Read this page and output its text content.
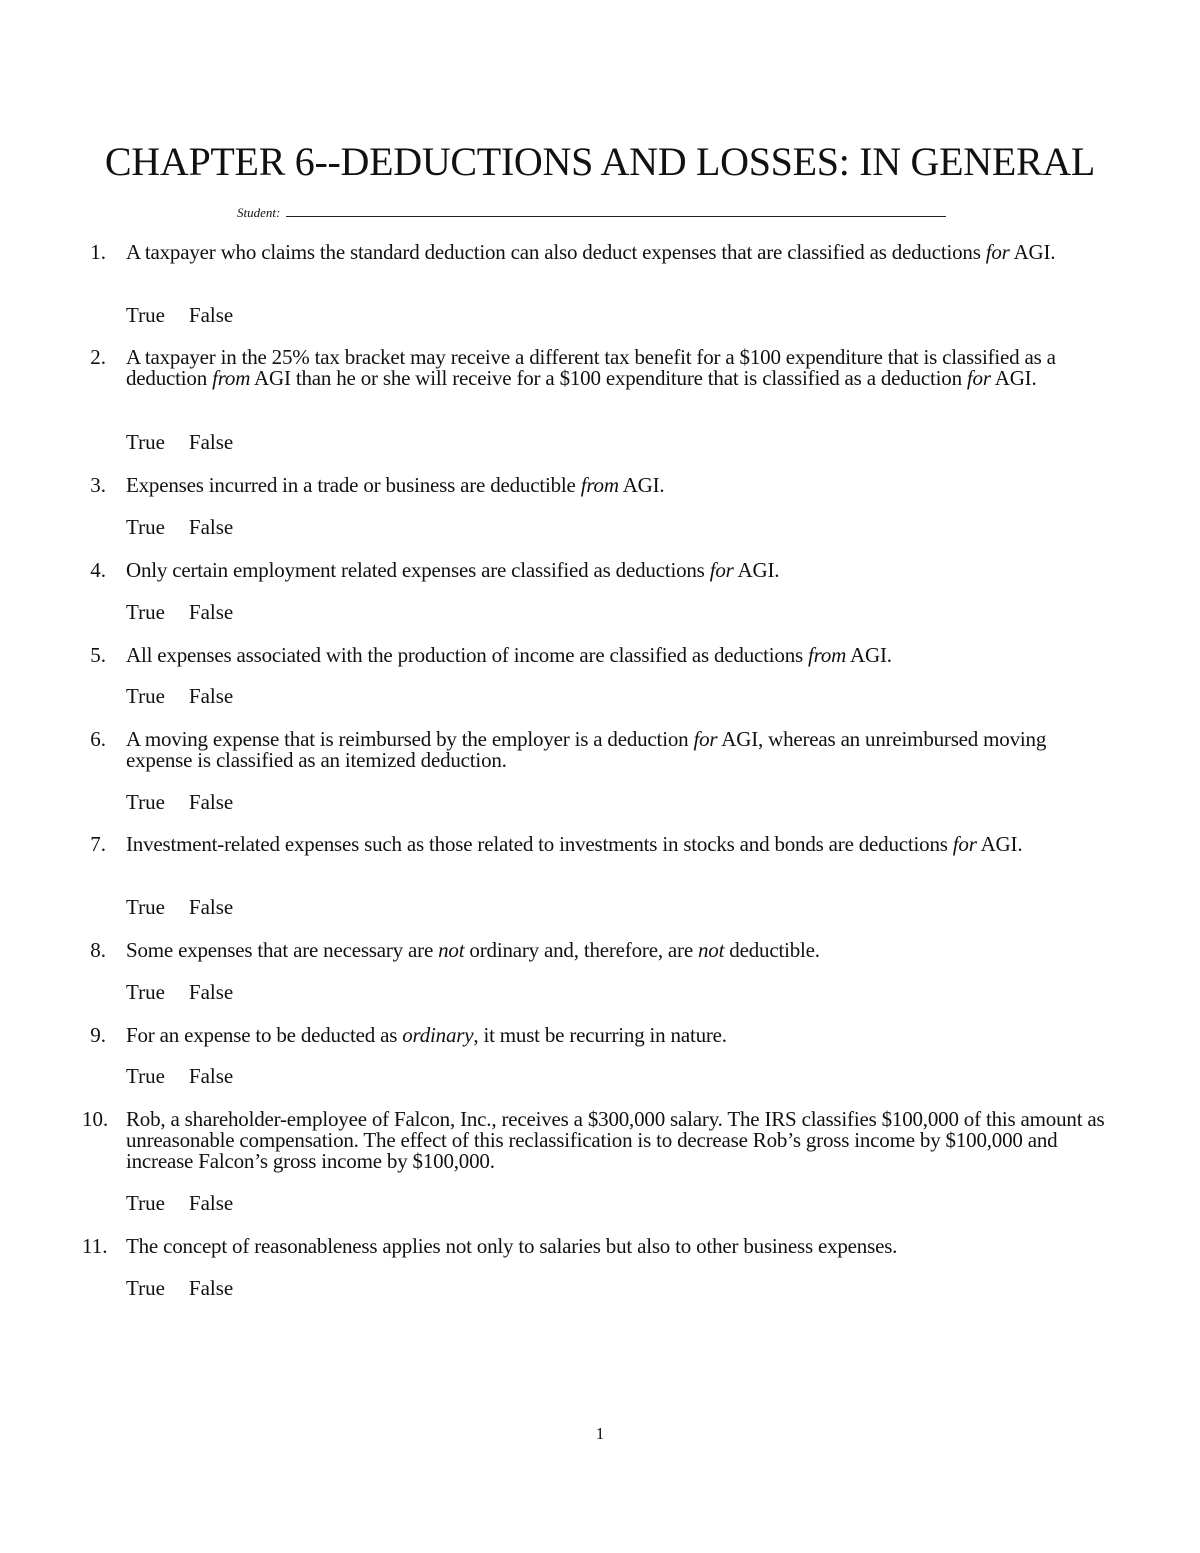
CHAPTER 6--DEDUCTIONS AND LOSSES: IN GENERAL
Student:
1. A taxpayer who claims the standard deduction can also deduct expenses that are classified as deductions for AGI.
True False
2. A taxpayer in the 25% tax bracket may receive a different tax benefit for a $100 expenditure that is classified as a deduction from AGI than he or she will receive for a $100 expenditure that is classified as a deduction for AGI.
True False
3. Expenses incurred in a trade or business are deductible from AGI.
True False
4. Only certain employment related expenses are classified as deductions for AGI.
True False
5. All expenses associated with the production of income are classified as deductions from AGI.
True False
6. A moving expense that is reimbursed by the employer is a deduction for AGI, whereas an unreimbursed moving expense is classified as an itemized deduction.
True False
7. Investment-related expenses such as those related to investments in stocks and bonds are deductions for AGI.
True False
8. Some expenses that are necessary are not ordinary and, therefore, are not deductible.
True False
9. For an expense to be deducted as ordinary, it must be recurring in nature.
True False
10. Rob, a shareholder-employee of Falcon, Inc., receives a $300,000 salary. The IRS classifies $100,000 of this amount as unreasonable compensation. The effect of this reclassification is to decrease Rob’s gross income by $100,000 and increase Falcon’s gross income by $100,000.
True False
11. The concept of reasonableness applies not only to salaries but also to other business expenses.
True False
1
